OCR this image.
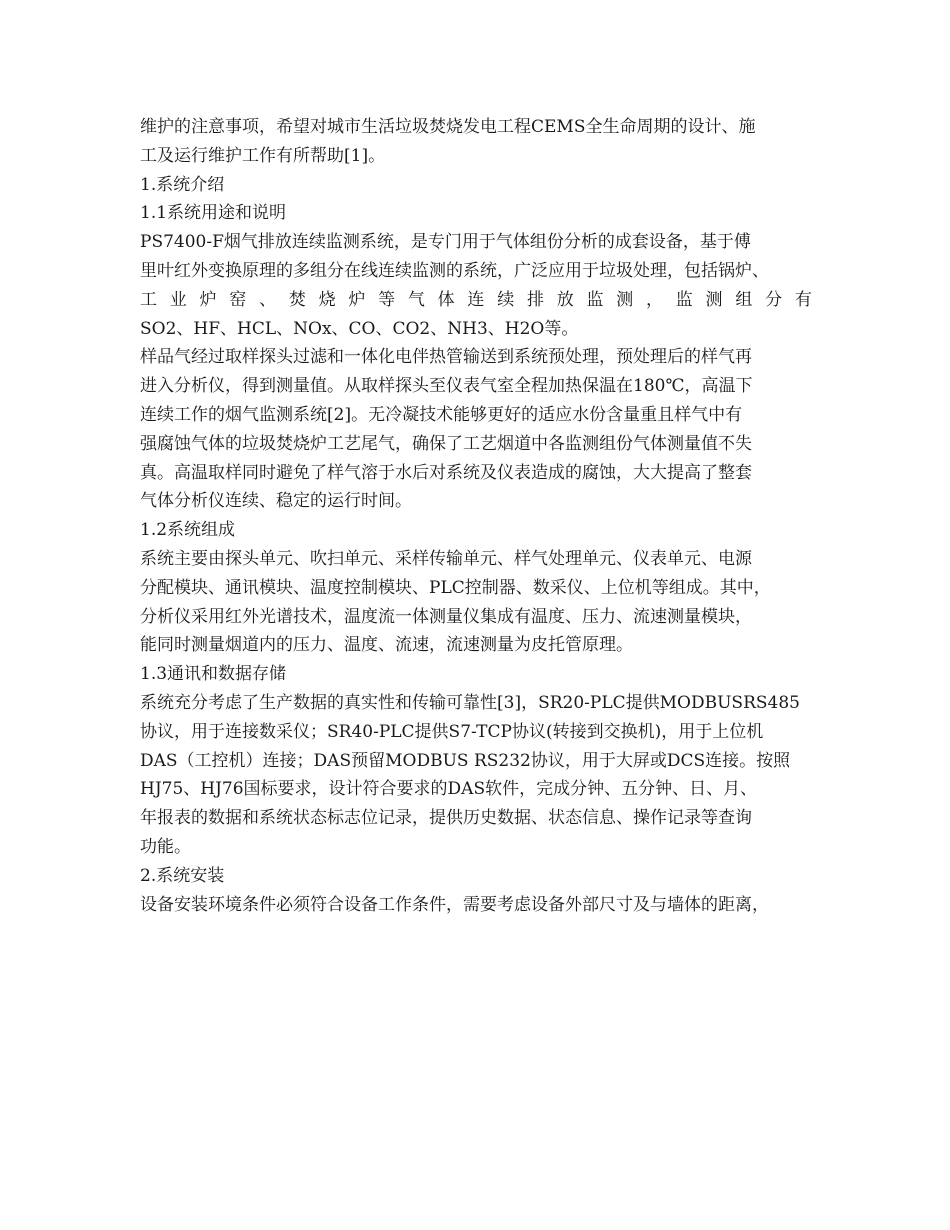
维护的注意事项，希望对城市生活垃圾焚烧发电工程CEMS全生命周期的设计、施
工及运行维护工作有所帮助[1]。
1.系统介绍
1.1系统用途和说明
PS7400-F烟气排放连续监测系统，是专门用于气体组份分析的成套设备，基于傅
里叶红外变换原理的多组分在线连续监测的系统，广泛应用于垃圾处理，包括锅炉、
工 业 炉 窑 、 焚 烧 炉 等 气 体 连 续 排 放 监 测 ， 监 测 组 分 有
SO2、HF、HCL、NOx、CO、CO2、NH3、H2O等。
样品气经过取样探头过滤和一体化电伴热管输送到系统预处理，预处理后的样气再
进入分析仪，得到测量值。从取样探头至仪表气室全程加热保温在180℃，高温下
连续工作的烟气监测系统[2]。无冷凝技术能够更好的适应水份含量重且样气中有
强腐蚀气体的垃圾焚烧炉工艺尾气，确保了工艺烟道中各监测组份气体测量值不失
真。高温取样同时避免了样气溶于水后对系统及仪表造成的腐蚀，大大提高了整套
气体分析仪连续、稳定的运行时间。
1.2系统组成
系统主要由探头单元、吹扫单元、采样传输单元、样气处理单元、仪表单元、电源
分配模块、通讯模块、温度控制模块、PLC控制器、数采仪、上位机等组成。其中，
分析仪采用红外光谱技术，温度流一体测量仪集成有温度、压力、流速测量模块，
能同时测量烟道内的压力、温度、流速，流速测量为皮托管原理。
1.3通讯和数据存储
系统充分考虑了生产数据的真实性和传输可靠性[3]，SR20-PLC提供MODBUSRS485
协议，用于连接数采仪；SR40-PLC提供S7-TCP协议(转接到交换机)，用于上位机
DAS（工控机）连接；DAS预留MODBUS RS232协议，用于大屏或DCS连接。按照
HJ75、HJ76国标要求，设计符合要求的DAS软件，完成分钟、五分钟、日、月、
年报表的数据和系统状态标志位记录，提供历史数据、状态信息、操作记录等查询
功能。
2.系统安装
设备安装环境条件必须符合设备工作条件，需要考虑设备外部尺寸及与墙体的距离，
